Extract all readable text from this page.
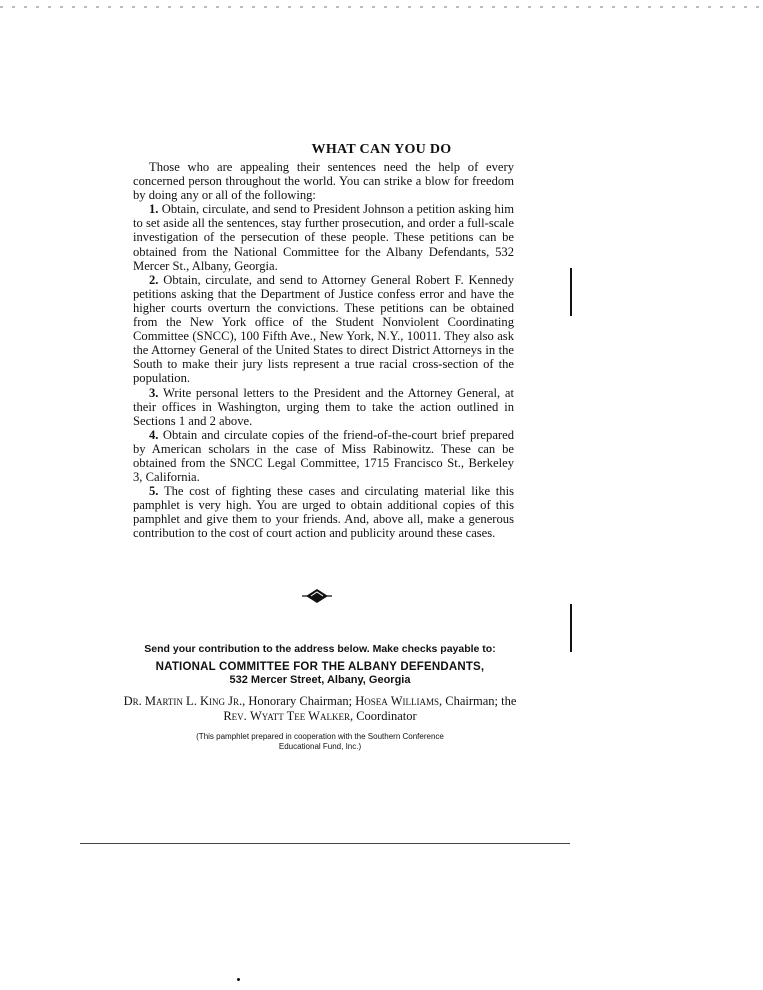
WHAT CAN YOU DO

Those who are appealing their sentences need the help of every concerned person throughout the world. You can strike a blow for freedom by doing any or all of the following:

1. Obtain, circulate, and send to President Johnson a petition asking him to set aside all the sentences, stay further prosecution, and order a full-scale investigation of the persecution of these people. These petitions can be obtained from the National Committee for the Albany Defendants, 532 Mercer St., Albany, Georgia.

2. Obtain, circulate, and send to Attorney General Robert F. Kennedy petitions asking that the Department of Justice confess error and have the higher courts overturn the convictions. These petitions can be obtained from the New York office of the Student Nonviolent Coordinating Committee (SNCC), 100 Fifth Ave., New York, N.Y., 10011. They also ask the Attorney General of the United States to direct District Attorneys in the South to make their jury lists represent a true racial cross-section of the population.

3. Write personal letters to the President and the Attorney General, at their offices in Washington, urging them to take the action outlined in Sections 1 and 2 above.

4. Obtain and circulate copies of the friend-of-the-court brief prepared by American scholars in the case of Miss Rabinowitz. These can be obtained from the SNCC Legal Committee, 1715 Francisco St., Berkeley 3, California.

5. The cost of fighting these cases and circulating material like this pamphlet is very high. You are urged to obtain additional copies of this pamphlet and give them to your friends. And, above all, make a generous contribution to the cost of court action and publicity around these cases.

Send your contribution to the address below. Make checks payable to:

NATIONAL COMMITTEE FOR THE ALBANY DEFENDANTS,

532 Mercer Street, Albany, Georgia

Dr. Martin L. King Jr., Honorary Chairman; Hosea Williams, Chairman; the Rev. Wyatt Tee Walker, Coordinator

(This pamphlet prepared in cooperation with the Southern Conference

Educational Fund, Inc.)
